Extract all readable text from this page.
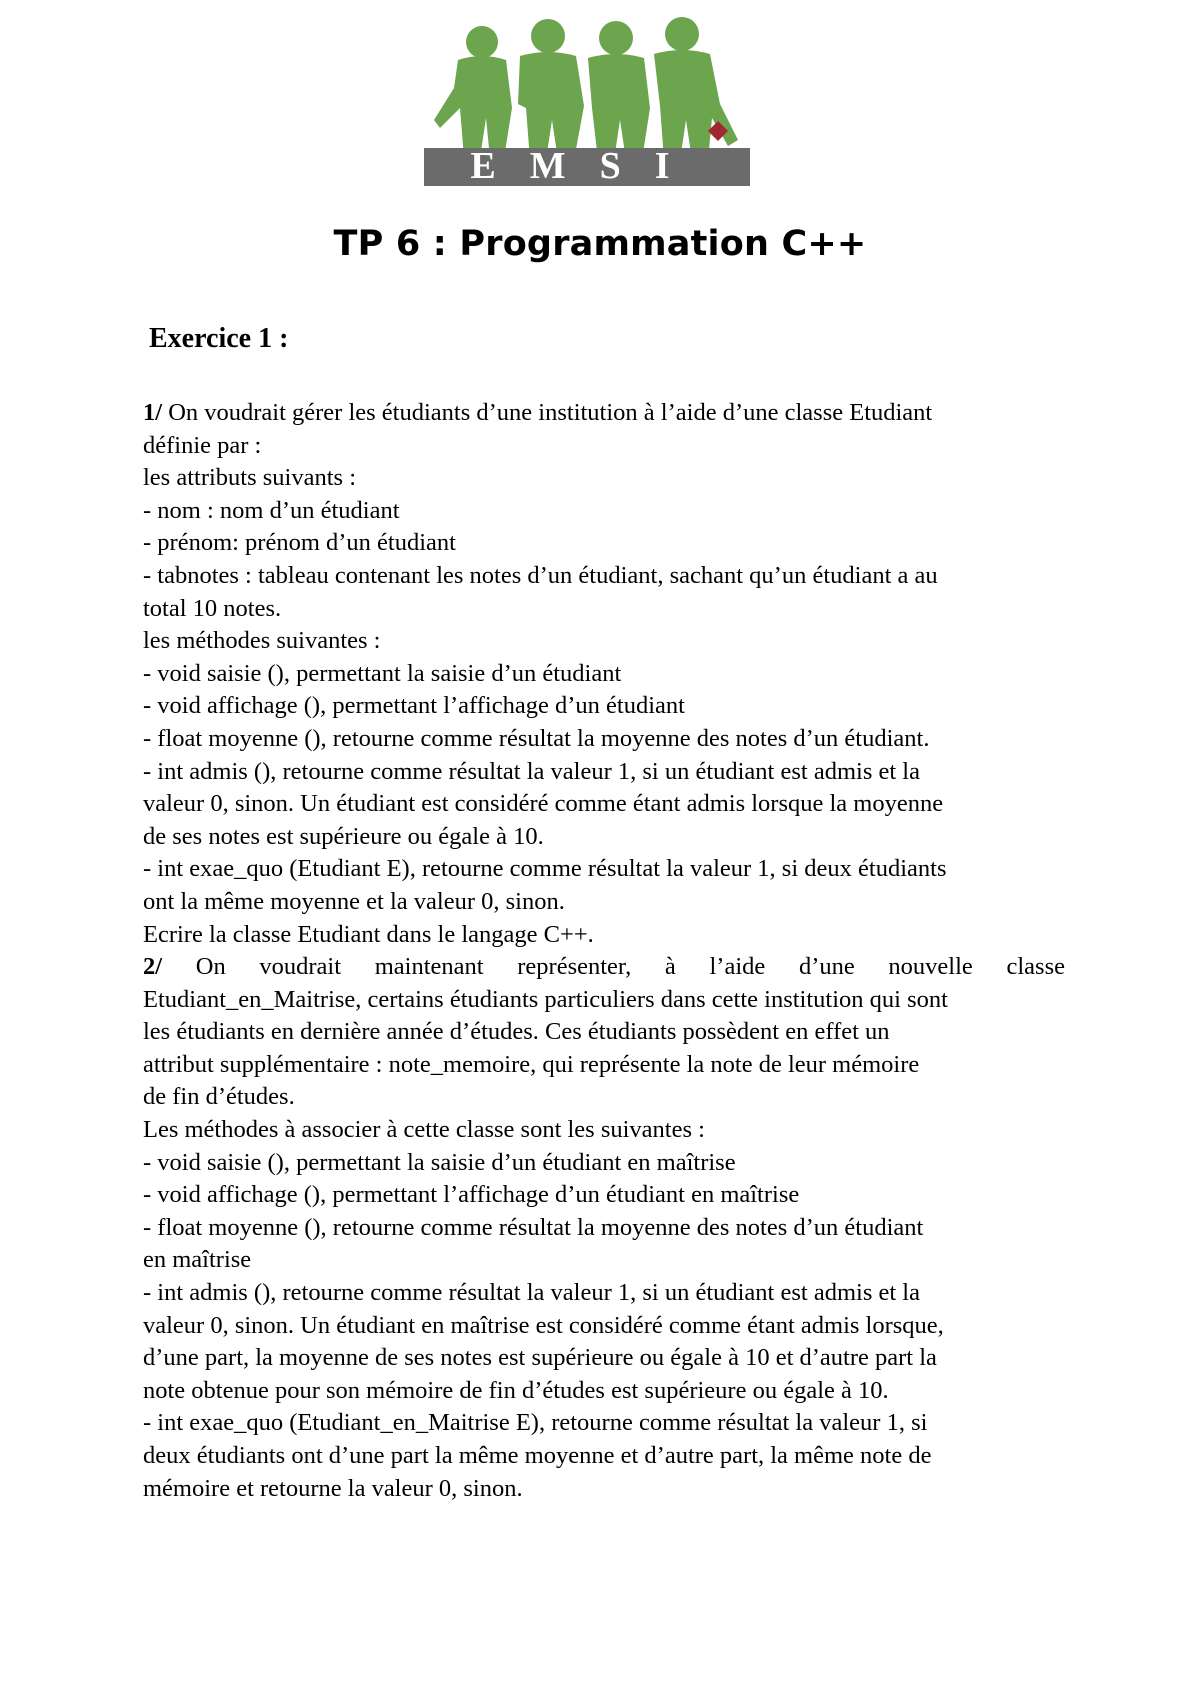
EMSI
TP 6 : Programmation C++
Exercice 1 :
1/ On voudrait gérer les étudiants d’une institution à l’aide d’une classe Etudiant
définie par :
les attributs suivants :
- nom : nom d’un étudiant
- prénom: prénom d’un étudiant
- tabnotes : tableau contenant les notes d’un étudiant, sachant qu’un étudiant a au
total 10 notes.
les méthodes suivantes :
- void saisie (), permettant la saisie d’un étudiant
- void affichage (), permettant l’affichage d’un étudiant
- float moyenne (), retourne comme résultat la moyenne des notes d’un étudiant.
- int admis (), retourne comme résultat la valeur 1, si un étudiant est admis et la
valeur 0, sinon. Un étudiant est considéré comme étant admis lorsque la moyenne
de ses notes est supérieure ou égale à 10.
- int exae_quo (Etudiant E), retourne comme résultat la valeur 1, si deux étudiants
ont la même moyenne et la valeur 0, sinon.
Ecrire la classe Etudiant dans le langage C++.
2/ On voudrait maintenant représenter, à l’aide d’une nouvelle classe
Etudiant_en_Maitrise, certains étudiants particuliers dans cette institution qui sont
les étudiants en dernière année d’études. Ces étudiants possèdent en effet un
attribut supplémentaire : note_memoire, qui représente la note de leur mémoire
de fin d’études.
Les méthodes à associer à cette classe sont les suivantes :
- void saisie (), permettant la saisie d’un étudiant en maîtrise
- void affichage (), permettant l’affichage d’un étudiant en maîtrise
- float moyenne (), retourne comme résultat la moyenne des notes d’un étudiant
en maîtrise
- int admis (), retourne comme résultat la valeur 1, si un étudiant est admis et la
valeur 0, sinon. Un étudiant en maîtrise est considéré comme étant admis lorsque,
d’une part, la moyenne de ses notes est supérieure ou égale à 10 et d’autre part la
note obtenue pour son mémoire de fin d’études est supérieure ou égale à 10.
- int exae_quo (Etudiant_en_Maitrise E), retourne comme résultat la valeur 1, si
deux étudiants ont d’une part la même moyenne et d’autre part, la même note de
mémoire et retourne la valeur 0, sinon.
